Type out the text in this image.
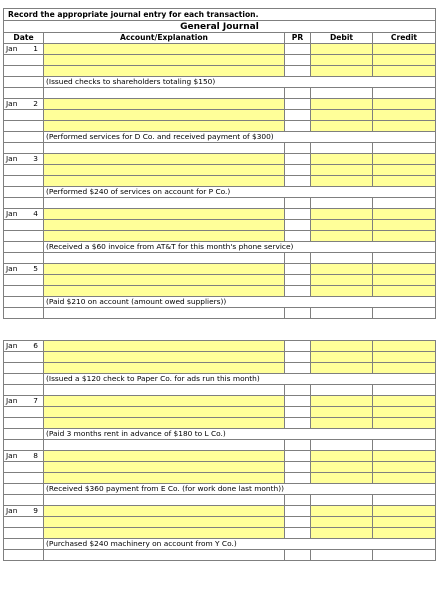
Record the appropriate journal entry for each transaction.				
General Journal				
Date	Account/Explanation	PR	Debit	Credit
Jan 1				

	(Issued checks to shareholders totaling $150)			

Jan 2				

	(Performed services for D Co. and received payment of $300)			

Jan 3				

	(Performed $240 of services on account for P Co.)			

Jan 4				

	(Received a $60 invoice from AT&T for this month's phone service)			

Jan 5				

	(Paid $210 on account (amount owed suppliers))			

Jan 6				

	(Issued a $120 check to Paper Co. for ads run this month)			

Jan 7				

	(Paid 3 months rent in advance of $180 to L Co.)			

Jan 8				

	(Received $360 payment from E Co. (for work done last month))			

Jan 9				

	(Purchased $240 machinery on account from Y Co.)			
